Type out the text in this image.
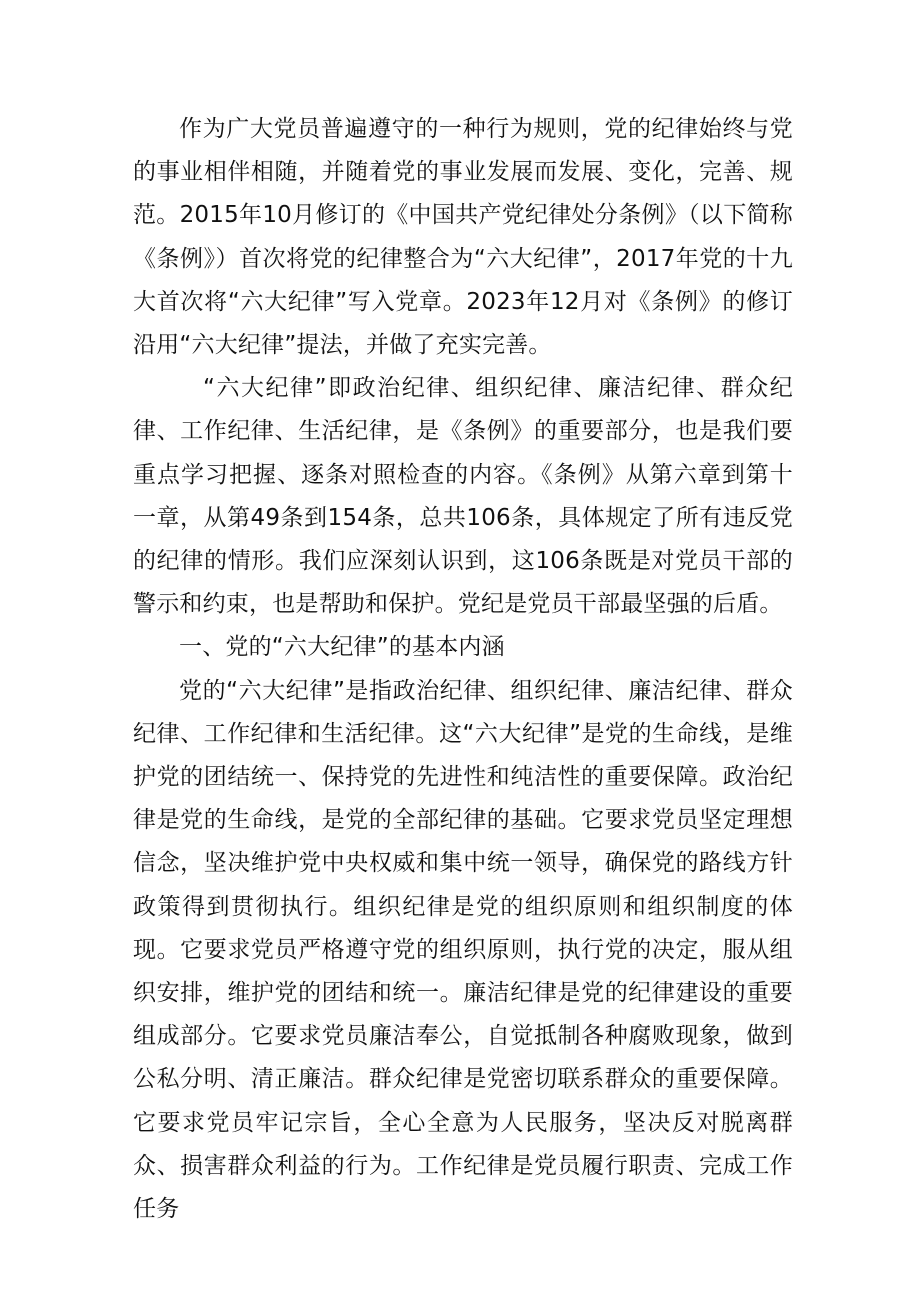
作为广大党员普遍遵守的一种行为规则，党的纪律始终与党的事业相伴相随，并随着党的事业发展而发展、变化，完善、规范。2015年10月修订的《中国共产党纪律处分条例》（以下简称《条例》）首次将党的纪律整合为“六大纪律”，2017年党的十九大首次将“六大纪律”写入党章。2023年12月对《条例》的修订沿用“六大纪律”提法，并做了充实完善。

“六大纪律”即政治纪律、组织纪律、廉洁纪律、群众纪律、工作纪律、生活纪律，是《条例》的重要部分，也是我们要重点学习把握、逐条对照检查的内容。《条例》从第六章到第十一章，从第49条到154条，总共106条，具体规定了所有违反党的纪律的情形。我们应深刻认识到，这106条既是对党员干部的警示和约束，也是帮助和保护。党纪是党员干部最坚强的后盾。

一、党的“六大纪律”的基本内涵

党的“六大纪律”是指政治纪律、组织纪律、廉洁纪律、群众纪律、工作纪律和生活纪律。这“六大纪律”是党的生命线，是维护党的团结统一、保持党的先进性和纯洁性的重要保障。政治纪律是党的生命线，是党的全部纪律的基础。它要求党员坚定理想信念，坚决维护党中央权威和集中统一领导，确保党的路线方针政策得到贯彻执行。组织纪律是党的组织原则和组织制度的体现。它要求党员严格遵守党的组织原则，执行党的决定，服从组织安排，维护党的团结和统一。廉洁纪律是党的纪律建设的重要组成部分。它要求党员廉洁奉公，自觉抵制各种腐败现象，做到公私分明、清正廉洁。群众纪律是党密切联系群众的重要保障。它要求党员牢记宗旨，全心全意为人民服务，坚决反对脱离群众、损害群众利益的行为。工作纪律是党员履行职责、完成工作任务
